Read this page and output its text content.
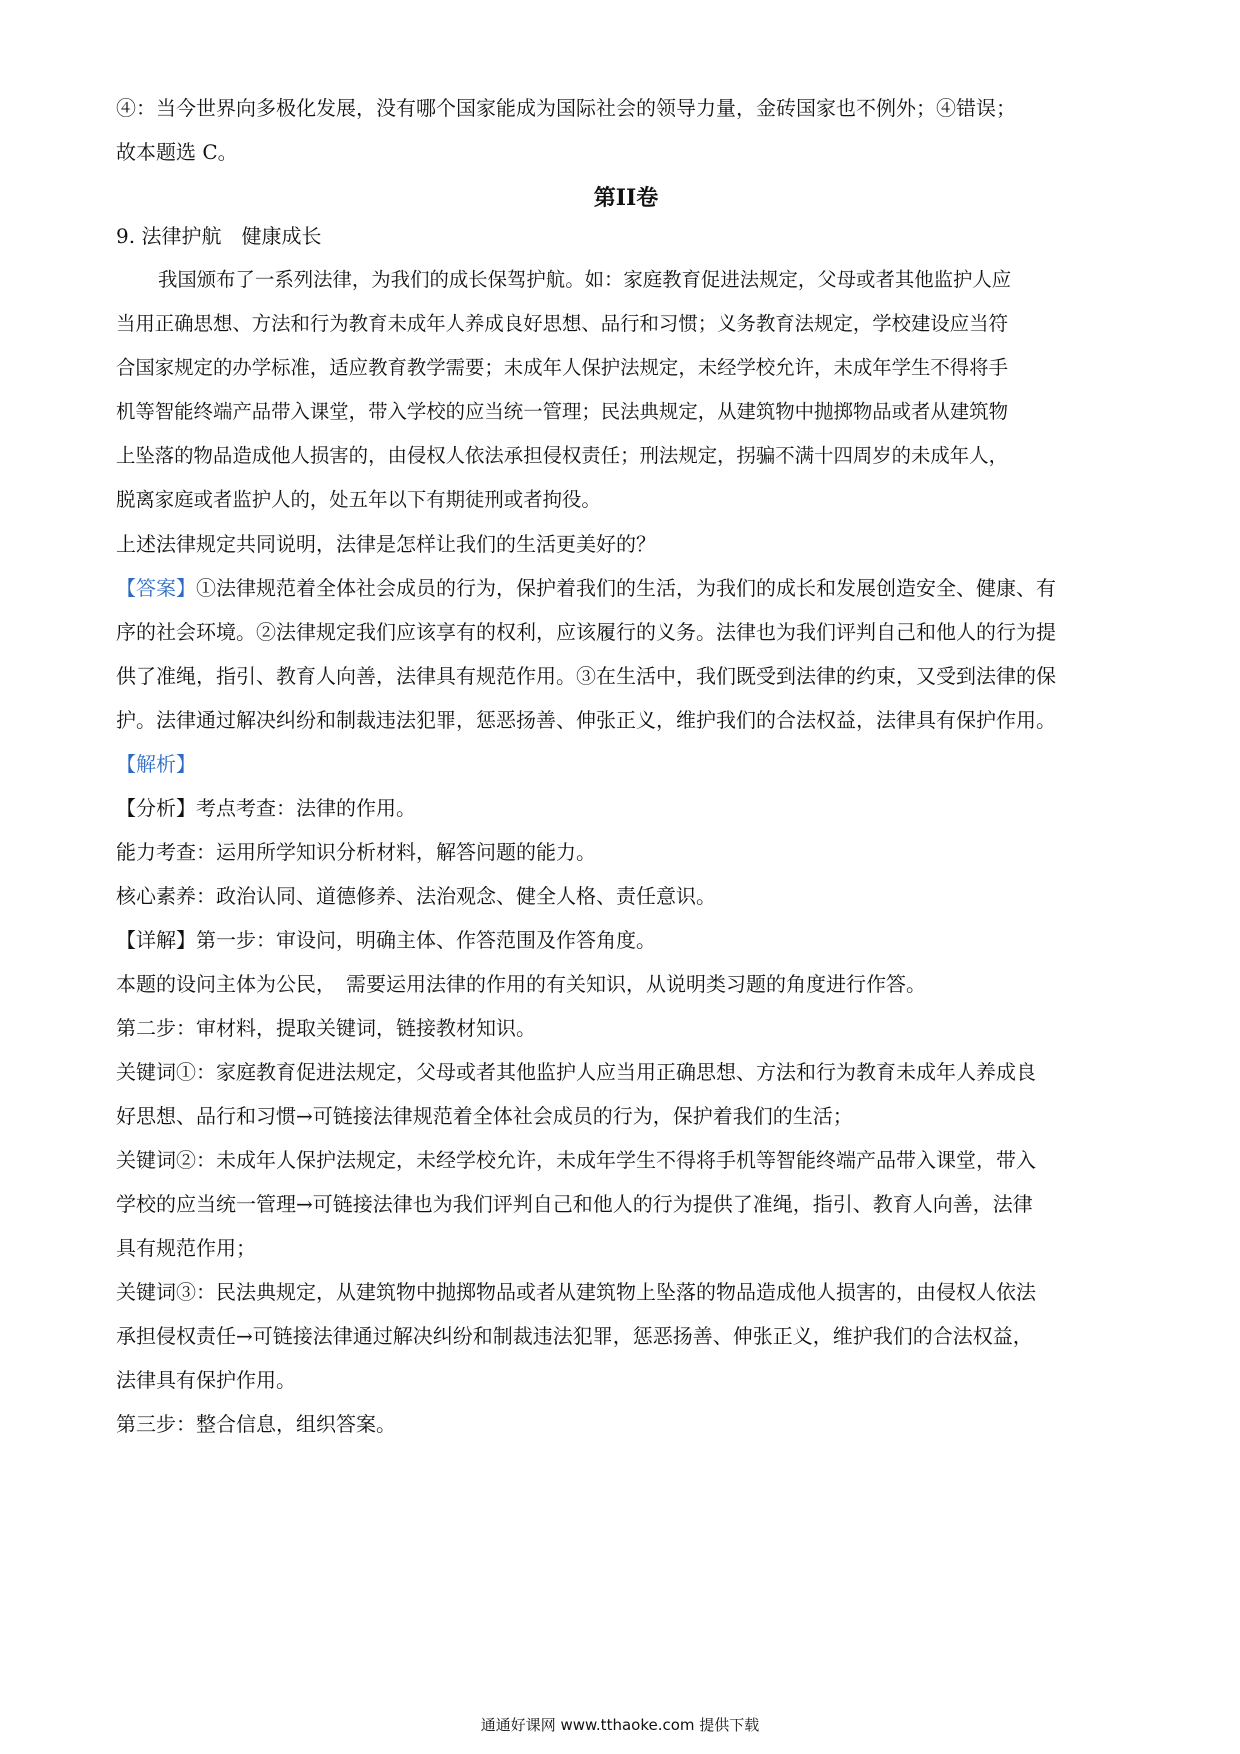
④：当今世界向多极化发展，没有哪个国家能成为国际社会的领导力量，金砖国家也不例外；④错误；

故本题选 C。

第II卷

9. 法律护航　健康成长

我国颁布了一系列法律，为我们的成长保驾护航。如：家庭教育促进法规定，父母或者其他监护人应

当用正确思想、方法和行为教育未成年人养成良好思想、品行和习惯；义务教育法规定，学校建设应当符

合国家规定的办学标准，适应教育教学需要；未成年人保护法规定，未经学校允许，未成年学生不得将手

机等智能终端产品带入课堂，带入学校的应当统一管理；民法典规定，从建筑物中抛掷物品或者从建筑物

上坠落的物品造成他人损害的，由侵权人依法承担侵权责任；刑法规定，拐骗不满十四周岁的未成年人，

脱离家庭或者监护人的，处五年以下有期徒刑或者拘役。

上述法律规定共同说明，法律是怎样让我们的生活更美好的？

【答案】①法律规范着全体社会成员的行为，保护着我们的生活，为我们的成长和发展创造安全、健康、有

序的社会环境。②法律规定我们应该享有的权利，应该履行的义务。法律也为我们评判自己和他人的行为提

供了准绳，指引、教育人向善，法律具有规范作用。③在生活中，我们既受到法律的约束，又受到法律的保

护。法律通过解决纠纷和制裁违法犯罪，惩恶扬善、伸张正义，维护我们的合法权益，法律具有保护作用。

【解析】

【分析】考点考查：法律的作用。

能力考查：运用所学知识分析材料，解答问题的能力。

核心素养：政治认同、道德修养、法治观念、健全人格、责任意识。

【详解】第一步：审设问，明确主体、作答范围及作答角度。

本题的设问主体为公民，　需要运用法律的作用的有关知识，从说明类习题的角度进行作答。

第二步：审材料，提取关键词，链接教材知识。

关键词①：家庭教育促进法规定，父母或者其他监护人应当用正确思想、方法和行为教育未成年人养成良

好思想、品行和习惯→可链接法律规范着全体社会成员的行为，保护着我们的生活；

关键词②：未成年人保护法规定，未经学校允许，未成年学生不得将手机等智能终端产品带入课堂，带入

学校的应当统一管理→可链接法律也为我们评判自己和他人的行为提供了准绳，指引、教育人向善，法律

具有规范作用；

关键词③：民法典规定，从建筑物中抛掷物品或者从建筑物上坠落的物品造成他人损害的，由侵权人依法

承担侵权责任→可链接法律通过解决纠纷和制裁违法犯罪，惩恶扬善、伸张正义，维护我们的合法权益，

法律具有保护作用。

第三步：整合信息，组织答案。

通通好课网 www.tthaoke.com 提供下载
